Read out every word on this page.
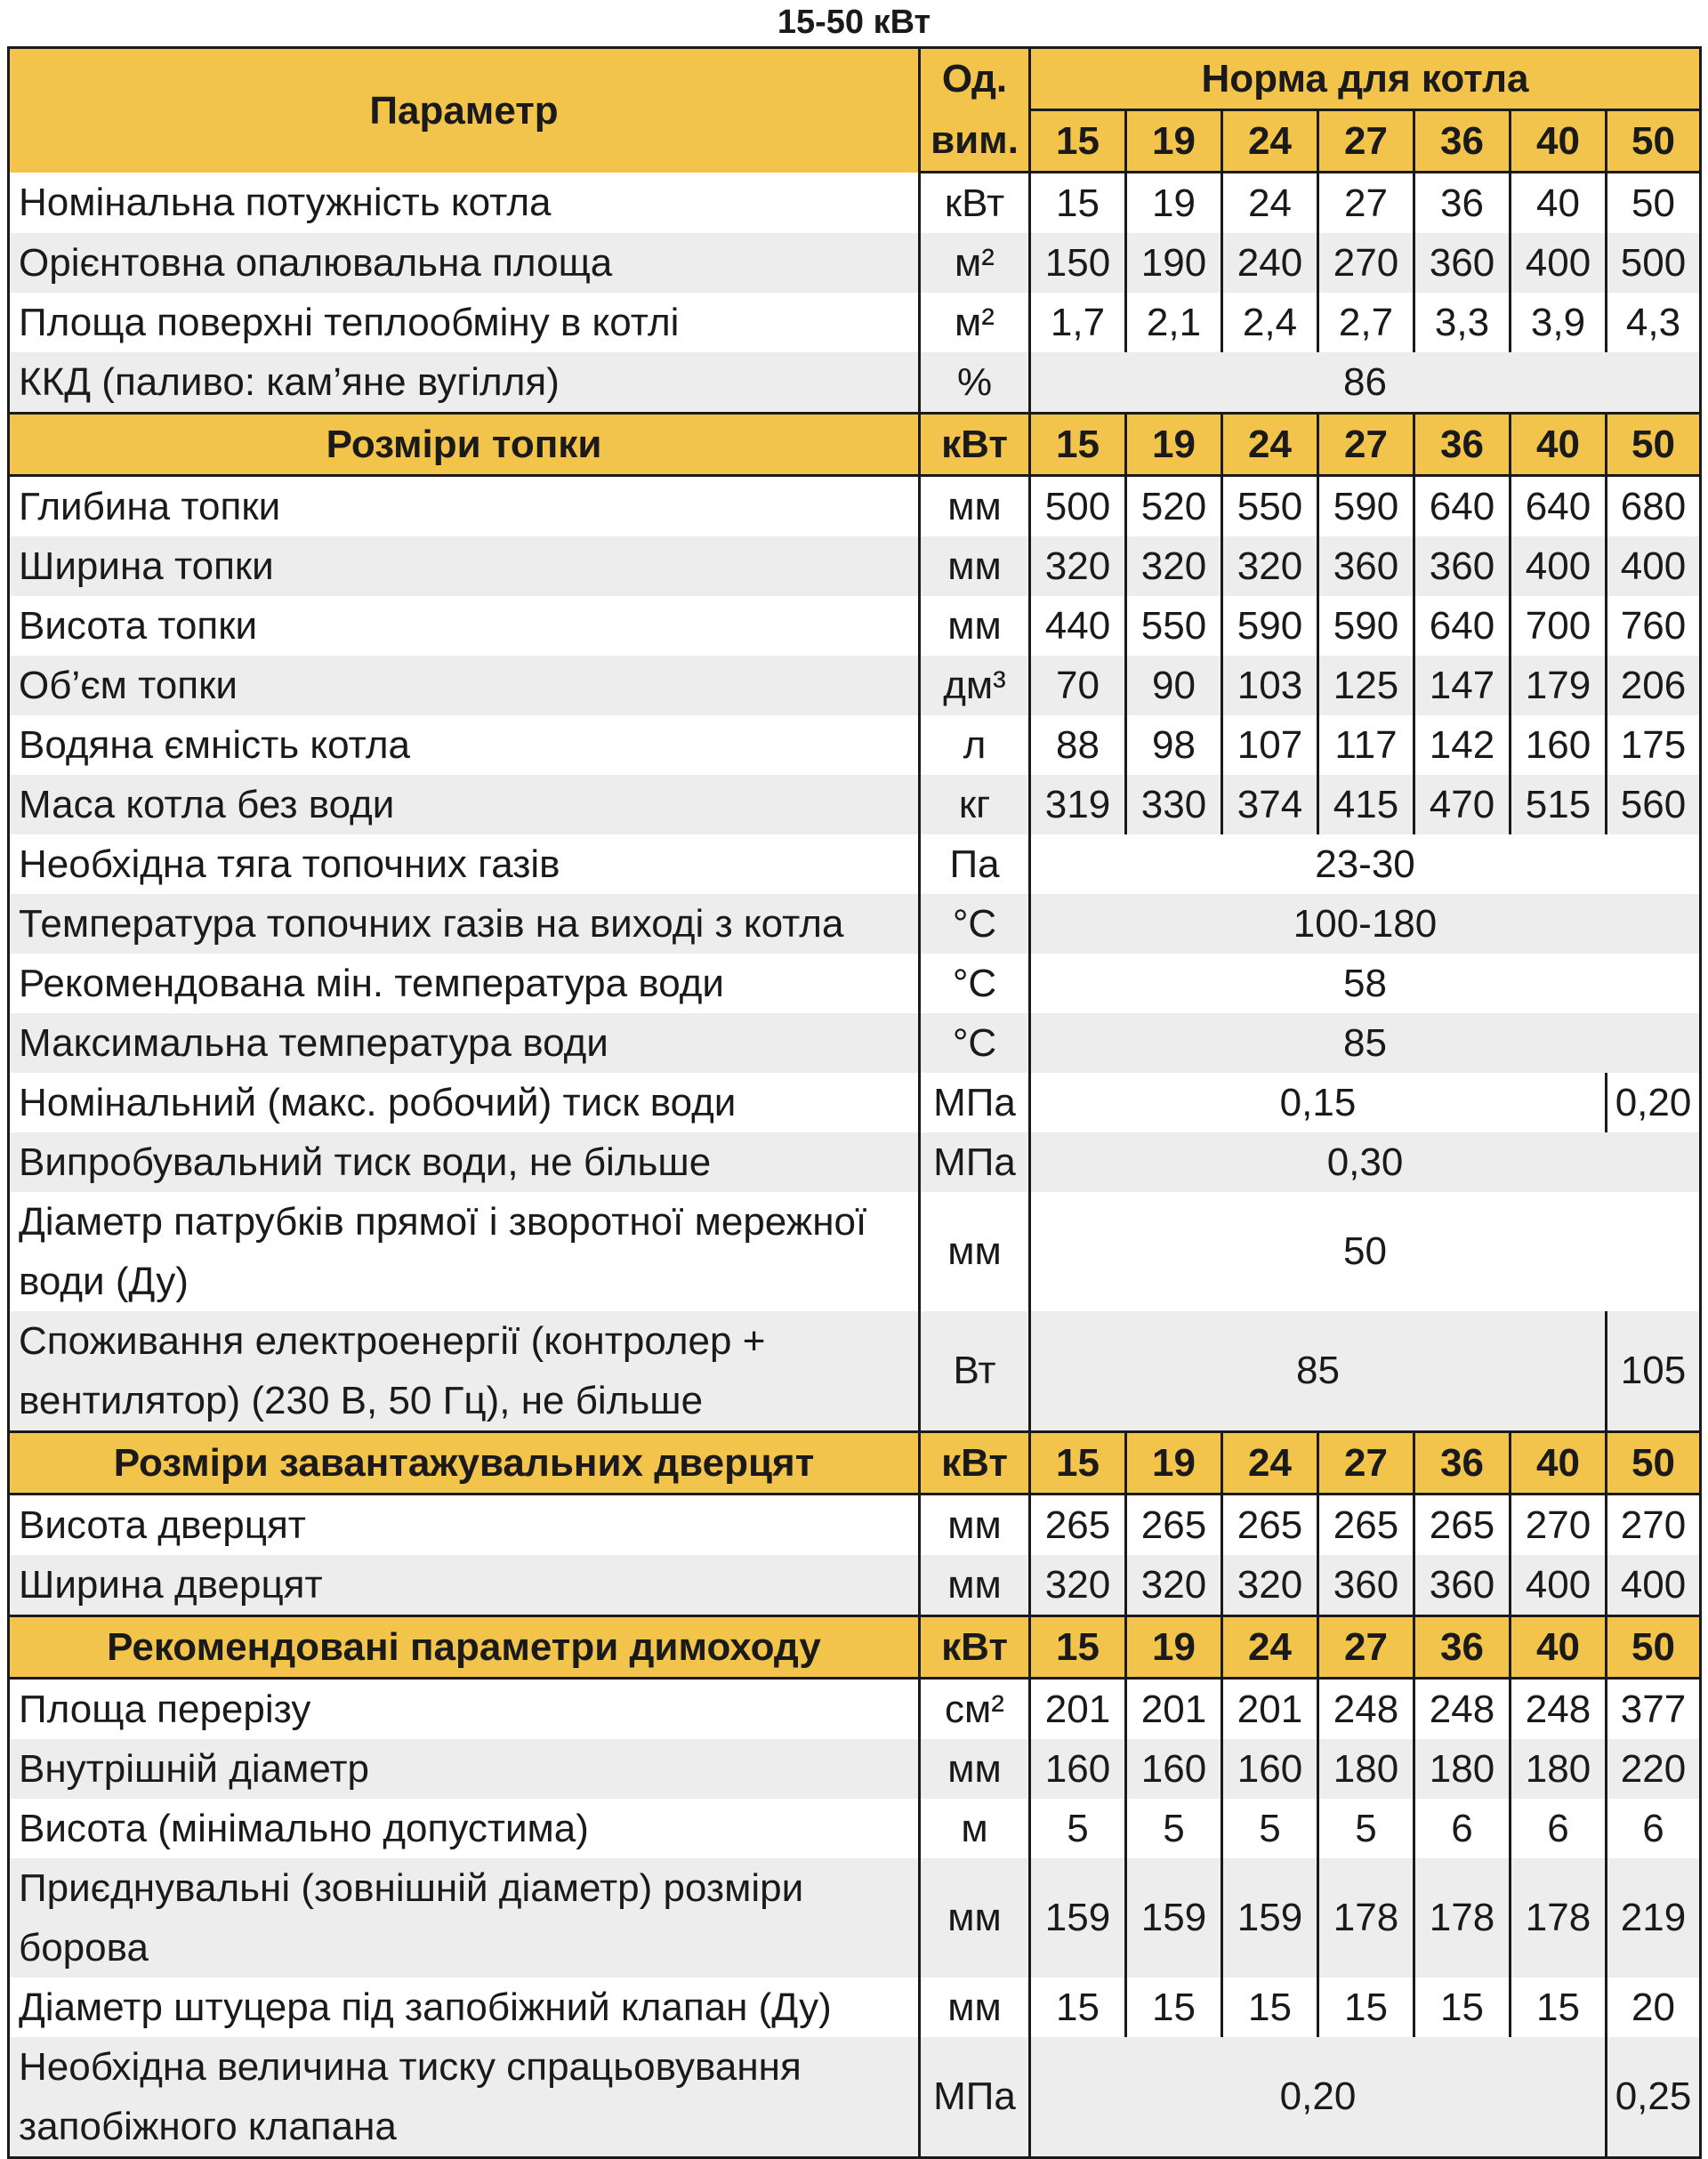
15-50 кВт
Параметр	Од.	Норма для котла						
	вим.	15	19	24	27	36	40	50
Номінальна потужність котла	кВт	15	19	24	27	36	40	50
Орієнтовна опалювальна площа	м²	150	190	240	270	360	400	500
Площа поверхні теплообміну в котлі	м²	1,7	2,1	2,4	2,7	3,3	3,9	4,3
ККД (паливо: кам’яне вугілля)	%	86						
Розміри топки	кВт	15	19	24	27	36	40	50
Глибина топки	мм	500	520	550	590	640	640	680
Ширина топки	мм	320	320	320	360	360	400	400
Висота топки	мм	440	550	590	590	640	700	760
Об’єм топки	дм³	70	90	103	125	147	179	206
Водяна ємність котла	л	88	98	107	117	142	160	175
Маса котла без води	кг	319	330	374	415	470	515	560
Необхідна тяга топочних газів	Па	23-30						
Температура топочних газів на виході з котла	°С	100-180						
Рекомендована мін. температура води	°С	58						
Максимальна температура води	°С	85						
Номінальний (макс. робочий) тиск води	МПа	0,15						0,20
Випробувальний тиск води, не більше	МПа	0,30						
Діаметр патрубків прямої і зворотної мережної води (Ду)	мм	50						
Споживання електроенергії (контролер + вентилятор) (230 В, 50 Гц), не більше	Вт	85						105
Розміри завантажувальних дверцят	кВт	15	19	24	27	36	40	50
Висота дверцят	мм	265	265	265	265	265	270	270
Ширина дверцят	мм	320	320	320	360	360	400	400
Рекомендовані параметри димоходу	кВт	15	19	24	27	36	40	50
Площа перерізу	см²	201	201	201	248	248	248	377
Внутрішній діаметр	мм	160	160	160	180	180	180	220
Висота (мінімально допустима)	м	5	5	5	5	6	6	6
Приєднувальні (зовнішній діаметр) розміри борова	мм	159	159	159	178	178	178	219
Діаметр штуцера під запобіжний клапан (Ду)	мм	15	15	15	15	15	15	20
Необхідна величина тиску спрацьовування запобіжного клапана	МПа	0,20						0,25
